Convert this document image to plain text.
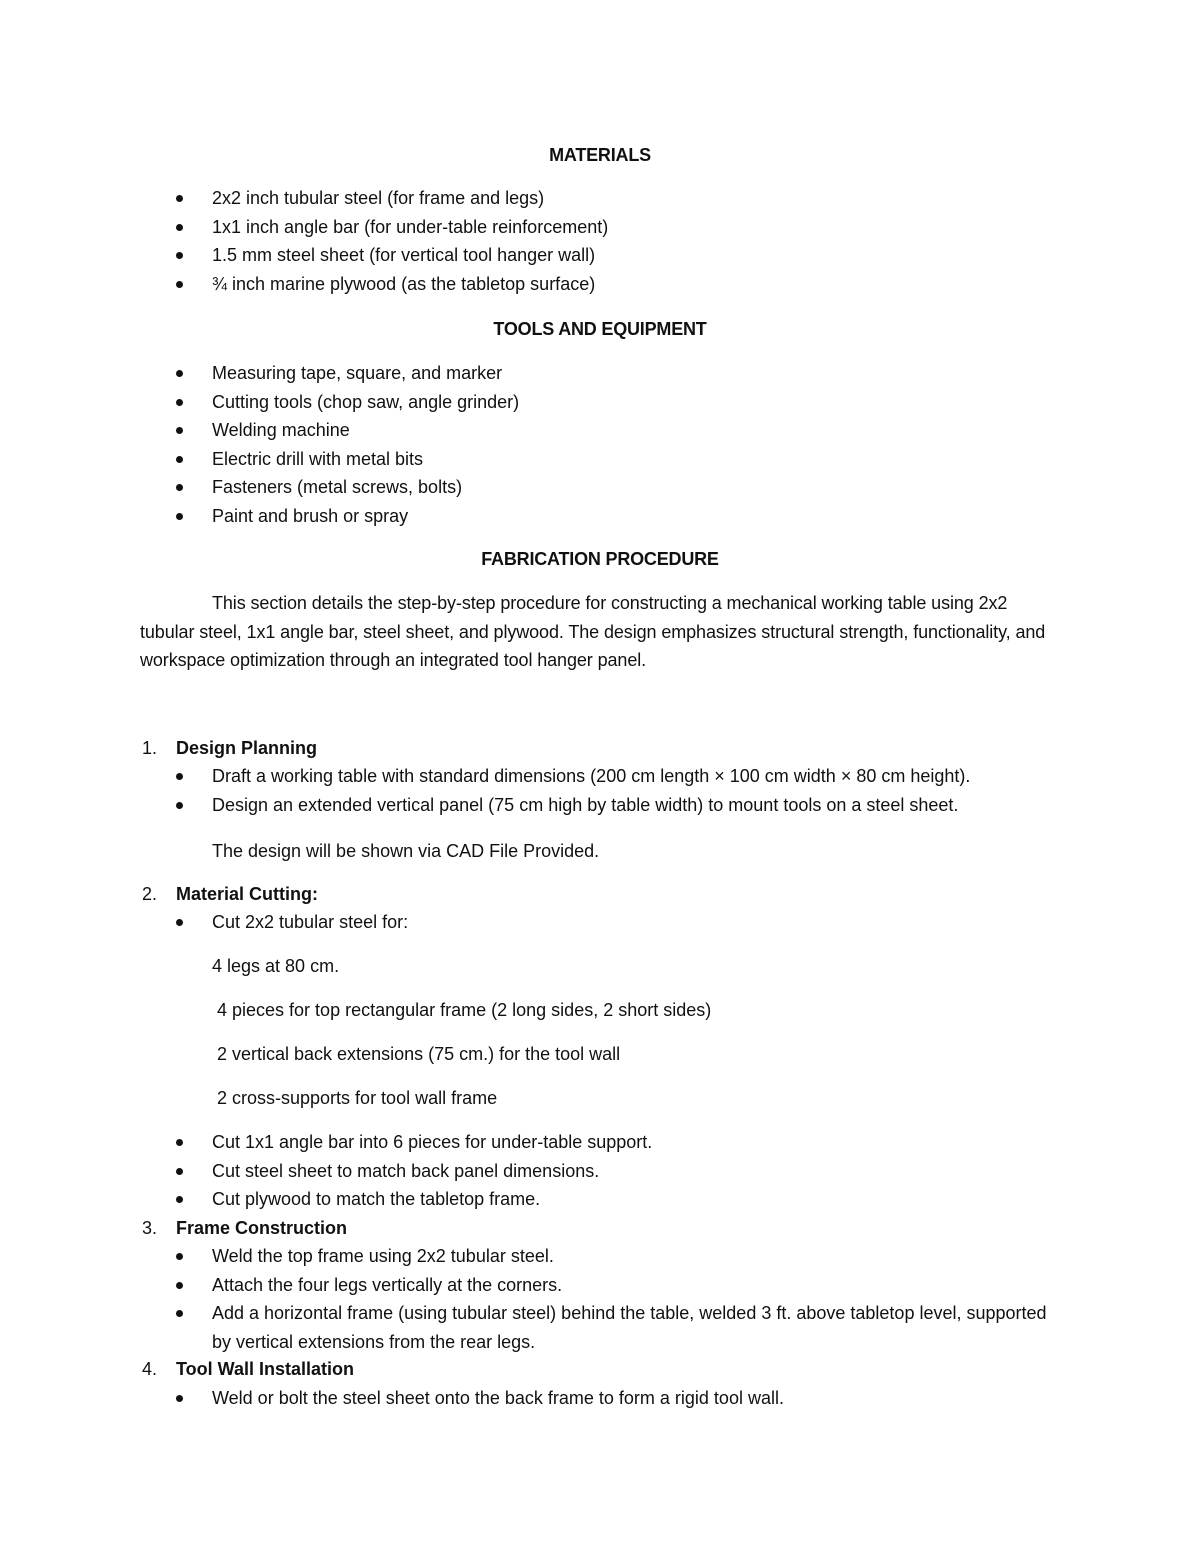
MATERIALS
2x2 inch tubular steel (for frame and legs)
1x1 inch angle bar (for under-table reinforcement)
1.5 mm steel sheet (for vertical tool hanger wall)
¾ inch marine plywood (as the tabletop surface)
TOOLS AND EQUIPMENT
Measuring tape, square, and marker
Cutting tools (chop saw, angle grinder)
Welding machine
Electric drill with metal bits
Fasteners (metal screws, bolts)
Paint and brush or spray
FABRICATION PROCEDURE
This section details the step-by-step procedure for constructing a mechanical working table using 2x2 tubular steel, 1x1 angle bar, steel sheet, and plywood. The design emphasizes structural strength, functionality, and workspace optimization through an integrated tool hanger panel.
1. Design Planning
Draft a working table with standard dimensions (200 cm length × 100 cm width × 80 cm height).
Design an extended vertical panel (75 cm high by table width) to mount tools on a steel sheet.
The design will be shown via CAD File Provided.
2. Material Cutting:
Cut 2x2 tubular steel for:
4 legs at 80 cm.
4 pieces for top rectangular frame (2 long sides, 2 short sides)
2 vertical back extensions (75 cm.) for the tool wall
2 cross-supports for tool wall frame
Cut 1x1 angle bar into 6 pieces for under-table support.
Cut steel sheet to match back panel dimensions.
Cut plywood to match the tabletop frame.
3. Frame Construction
Weld the top frame using 2x2 tubular steel.
Attach the four legs vertically at the corners.
Add a horizontal frame (using tubular steel) behind the table, welded 3 ft. above tabletop level, supported by vertical extensions from the rear legs.
4. Tool Wall Installation
Weld or bolt the steel sheet onto the back frame to form a rigid tool wall.
